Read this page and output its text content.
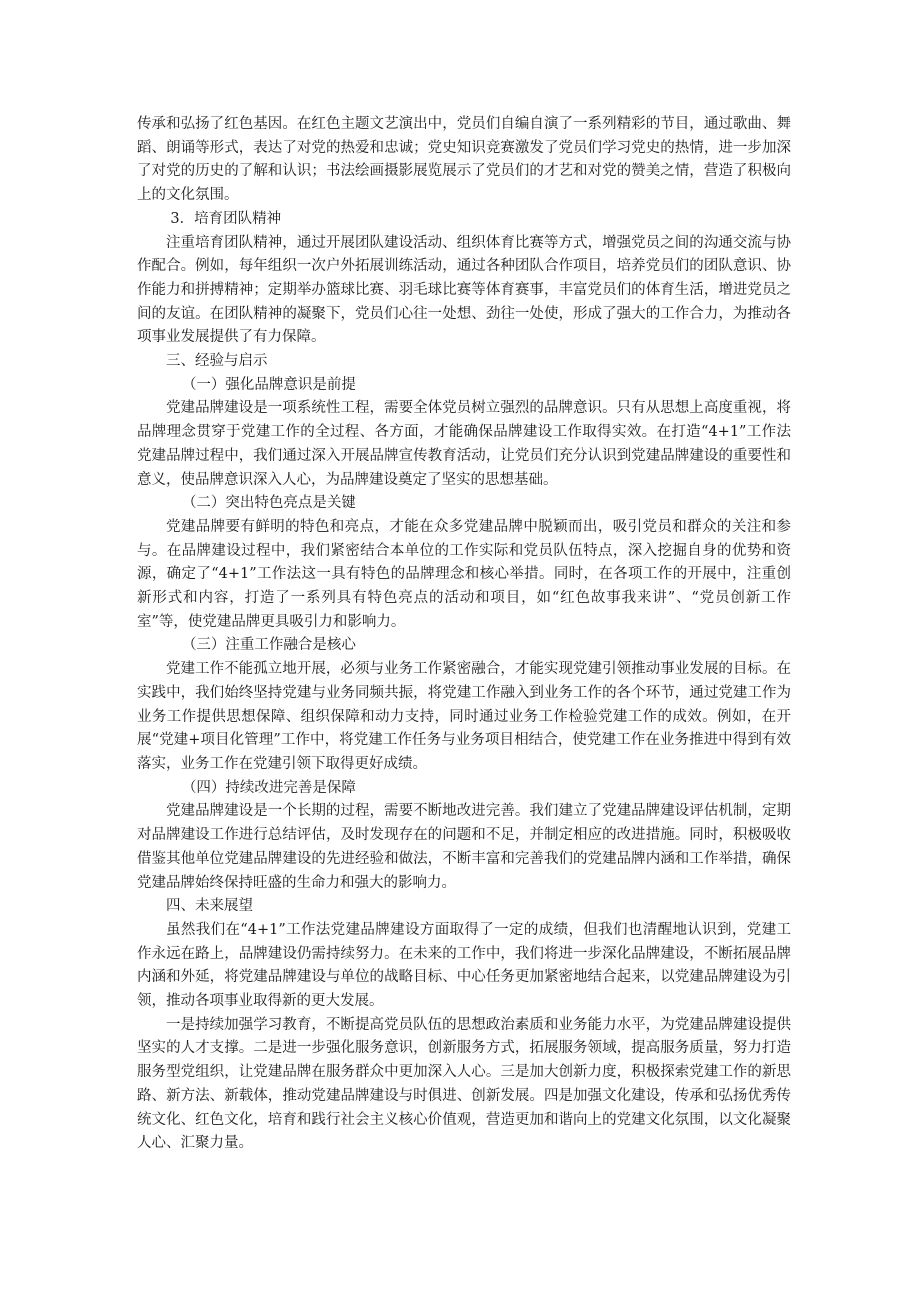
传承和弘扬了红色基因。在红色主题文艺演出中，党员们自编自演了一系列精彩的节目，通过歌曲、舞蹈、朗诵等形式，表达了对党的热爱和忠诚；党史知识竞赛激发了党员们学习党史的热情，进一步加深了对党的历史的了解和认识；书法绘画摄影展览展示了党员们的才艺和对党的赞美之情，营造了积极向上的文化氛围。

3．培育团队精神

注重培育团队精神，通过开展团队建设活动、组织体育比赛等方式，增强党员之间的沟通交流与协作配合。例如，每年组织一次户外拓展训练活动，通过各种团队合作项目，培养党员们的团队意识、协作能力和拼搏精神；定期举办篮球比赛、羽毛球比赛等体育赛事，丰富党员们的体育生活，增进党员之间的友谊。在团队精神的凝聚下，党员们心往一处想、劲往一处使，形成了强大的工作合力，为推动各项事业发展提供了有力保障。

三、经验与启示

（一）强化品牌意识是前提

党建品牌建设是一项系统性工程，需要全体党员树立强烈的品牌意识。只有从思想上高度重视，将品牌理念贯穿于党建工作的全过程、各方面，才能确保品牌建设工作取得实效。在打造“4+1”工作法党建品牌过程中，我们通过深入开展品牌宣传教育活动，让党员们充分认识到党建品牌建设的重要性和意义，使品牌意识深入人心，为品牌建设奠定了坚实的思想基础。

（二）突出特色亮点是关键

党建品牌要有鲜明的特色和亮点，才能在众多党建品牌中脱颖而出，吸引党员和群众的关注和参与。在品牌建设过程中，我们紧密结合本单位的工作实际和党员队伍特点，深入挖掘自身的优势和资源，确定了“4+1”工作法这一具有特色的品牌理念和核心举措。同时，在各项工作的开展中，注重创新形式和内容，打造了一系列具有特色亮点的活动和项目，如“红色故事我来讲”、“党员创新工作室”等，使党建品牌更具吸引力和影响力。

（三）注重工作融合是核心

党建工作不能孤立地开展，必须与业务工作紧密融合，才能实现党建引领推动事业发展的目标。在实践中，我们始终坚持党建与业务同频共振，将党建工作融入到业务工作的各个环节，通过党建工作为业务工作提供思想保障、组织保障和动力支持，同时通过业务工作检验党建工作的成效。例如，在开展“党建+项目化管理”工作中，将党建工作任务与业务项目相结合，使党建工作在业务推进中得到有效落实，业务工作在党建引领下取得更好成绩。

（四）持续改进完善是保障

党建品牌建设是一个长期的过程，需要不断地改进完善。我们建立了党建品牌建设评估机制，定期对品牌建设工作进行总结评估，及时发现存在的问题和不足，并制定相应的改进措施。同时，积极吸收借鉴其他单位党建品牌建设的先进经验和做法，不断丰富和完善我们的党建品牌内涵和工作举措，确保党建品牌始终保持旺盛的生命力和强大的影响力。

四、未来展望

虽然我们在“4+1”工作法党建品牌建设方面取得了一定的成绩，但我们也清醒地认识到，党建工作永远在路上，品牌建设仍需持续努力。在未来的工作中，我们将进一步深化品牌建设，不断拓展品牌内涵和外延，将党建品牌建设与单位的战略目标、中心任务更加紧密地结合起来，以党建品牌建设为引领，推动各项事业取得新的更大发展。

一是持续加强学习教育，不断提高党员队伍的思想政治素质和业务能力水平，为党建品牌建设提供坚实的人才支撑。二是进一步强化服务意识，创新服务方式，拓展服务领域，提高服务质量，努力打造服务型党组织，让党建品牌在服务群众中更加深入人心。三是加大创新力度，积极探索党建工作的新思路、新方法、新载体，推动党建品牌建设与时俱进、创新发展。四是加强文化建设，传承和弘扬优秀传统文化、红色文化，培育和践行社会主义核心价值观，营造更加和谐向上的党建文化氛围，以文化凝聚人心、汇聚力量。
